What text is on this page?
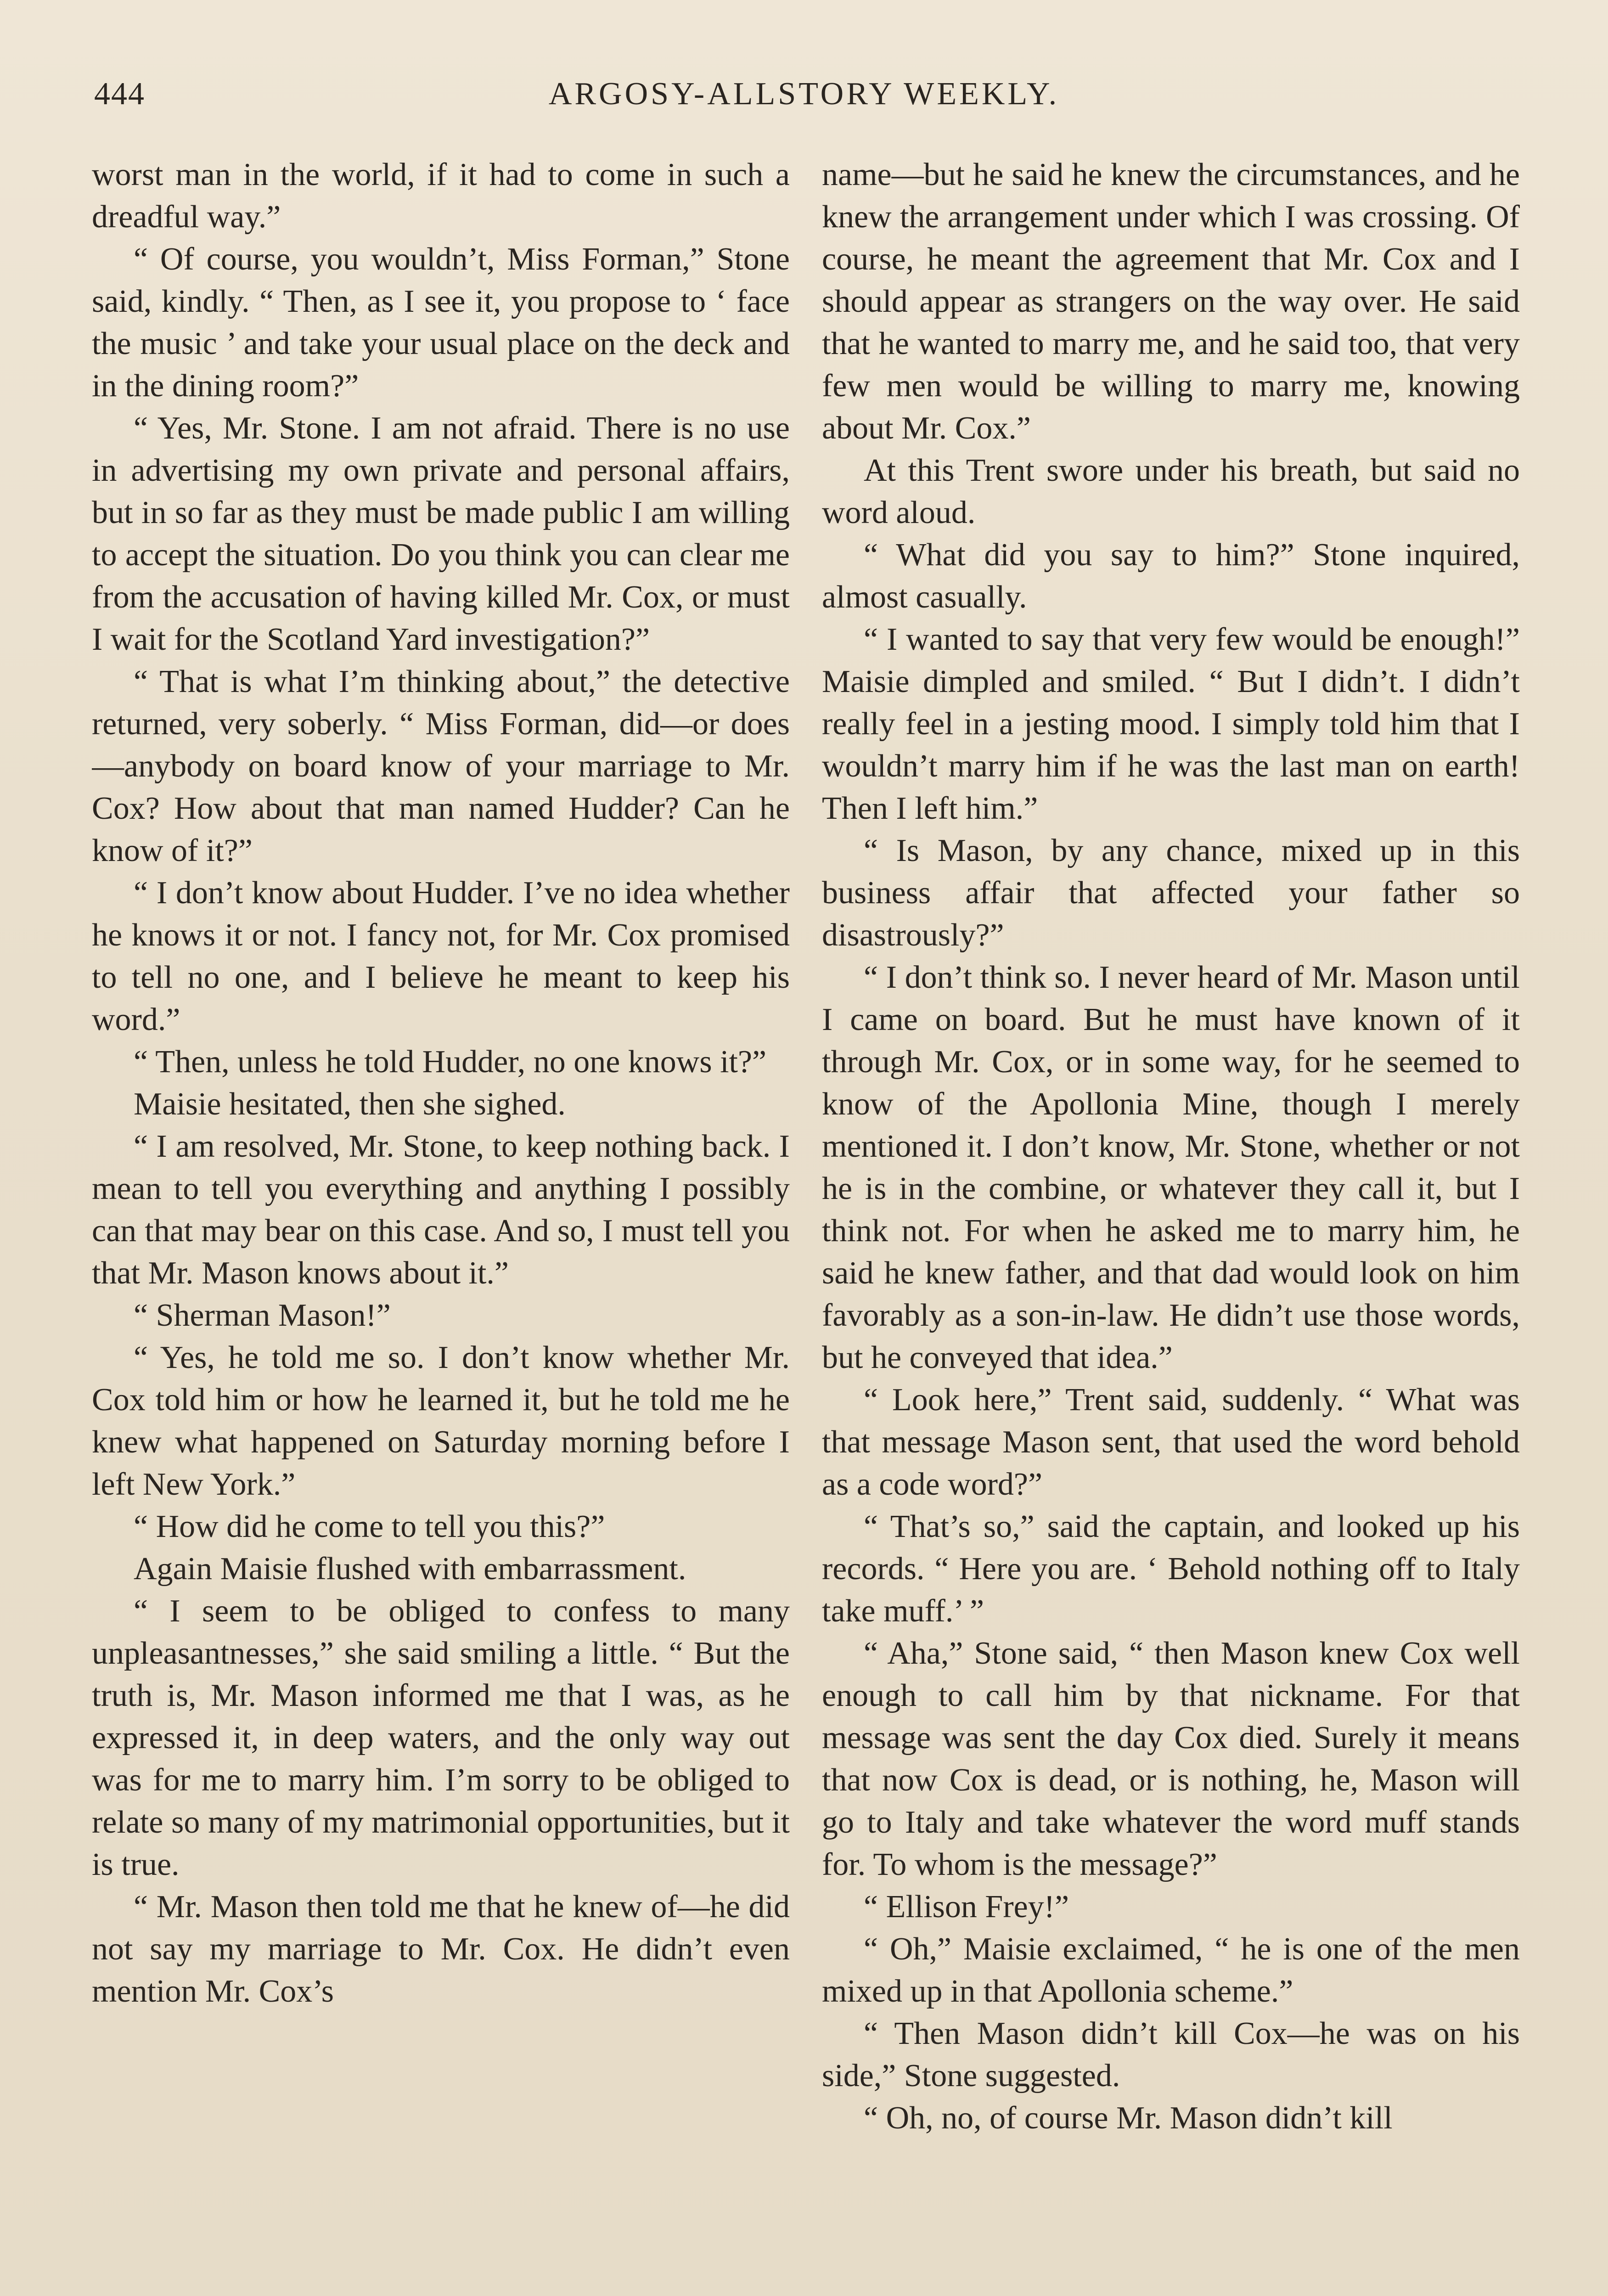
444	ARGOSY-ALLSTORY WEEKLY.

worst man in the world, if it had to come in such a dreadful way.”

“ Of course, you wouldn’t, Miss Forman,” Stone said, kindly. “ Then, as I see it, you propose to ‘ face the music ’ and take your usual place on the deck and in the dining room?”

“ Yes, Mr. Stone. I am not afraid. There is no use in advertising my own private and personal affairs, but in so far as they must be made public I am willing to accept the situation. Do you think you can clear me from the accusation of having killed Mr. Cox, or must I wait for the Scotland Yard investigation?”

“ That is what I’m thinking about,” the detective returned, very soberly. “ Miss Forman, did—or does—anybody on board know of your marriage to Mr. Cox? How about that man named Hudder? Can he know of it?”

“ I don’t know about Hudder. I’ve no idea whether he knows it or not. I fancy not, for Mr. Cox promised to tell no one, and I believe he meant to keep his word.”

“ Then, unless he told Hudder, no one knows it?”

Maisie hesitated, then she sighed.

“ I am resolved, Mr. Stone, to keep nothing back. I mean to tell you everything and anything I possibly can that may bear on this case. And so, I must tell you that Mr. Mason knows about it.”

“ Sherman Mason!”

“ Yes, he told me so. I don’t know whether Mr. Cox told him or how he learned it, but he told me he knew what happened on Saturday morning before I left New York.”

“ How did he come to tell you this?”

Again Maisie flushed with embarrassment.

“ I seem to be obliged to confess to many unpleasantnesses,” she said smiling a little. “ But the truth is, Mr. Mason informed me that I was, as he expressed it, in deep waters, and the only way out was for me to marry him. I’m sorry to be obliged to relate so many of my matrimonial opportunities, but it is true.

“ Mr. Mason then told me that he knew of—he did not say my marriage to Mr. Cox. He didn’t even mention Mr. Cox’s

name—but he said he knew the circumstances, and he knew the arrangement under which I was crossing. Of course, he meant the agreement that Mr. Cox and I should appear as strangers on the way over. He said that he wanted to marry me, and he said too, that very few men would be willing to marry me, knowing about Mr. Cox.”

At this Trent swore under his breath, but said no word aloud.

“ What did you say to him?” Stone inquired, almost casually.

“ I wanted to say that very few would be enough!” Maisie dimpled and smiled. “ But I didn’t. I didn’t really feel in a jesting mood. I simply told him that I wouldn’t marry him if he was the last man on earth! Then I left him.”

“ Is Mason, by any chance, mixed up in this business affair that affected your father so disastrously?”

“ I don’t think so. I never heard of Mr. Mason until I came on board. But he must have known of it through Mr. Cox, or in some way, for he seemed to know of the Apollonia Mine, though I merely mentioned it. I don’t know, Mr. Stone, whether or not he is in the combine, or whatever they call it, but I think not. For when he asked me to marry him, he said he knew father, and that dad would look on him favorably as a son-in-law. He didn’t use those words, but he conveyed that idea.”

“ Look here,” Trent said, suddenly. “ What was that message Mason sent, that used the word behold as a code word?”

“ That’s so,” said the captain, and looked up his records. “ Here you are. ‘ Behold nothing off to Italy take muff.’ ”

“ Aha,” Stone said, “ then Mason knew Cox well enough to call him by that nickname. For that message was sent the day Cox died. Surely it means that now Cox is dead, or is nothing, he, Mason will go to Italy and take whatever the word muff stands for. To whom is the message?”

“ Ellison Frey!”

“ Oh,” Maisie exclaimed, “ he is one of the men mixed up in that Apollonia scheme.”

“ Then Mason didn’t kill Cox—he was on his side,” Stone suggested.

“ Oh, no, of course Mr. Mason didn’t kill
